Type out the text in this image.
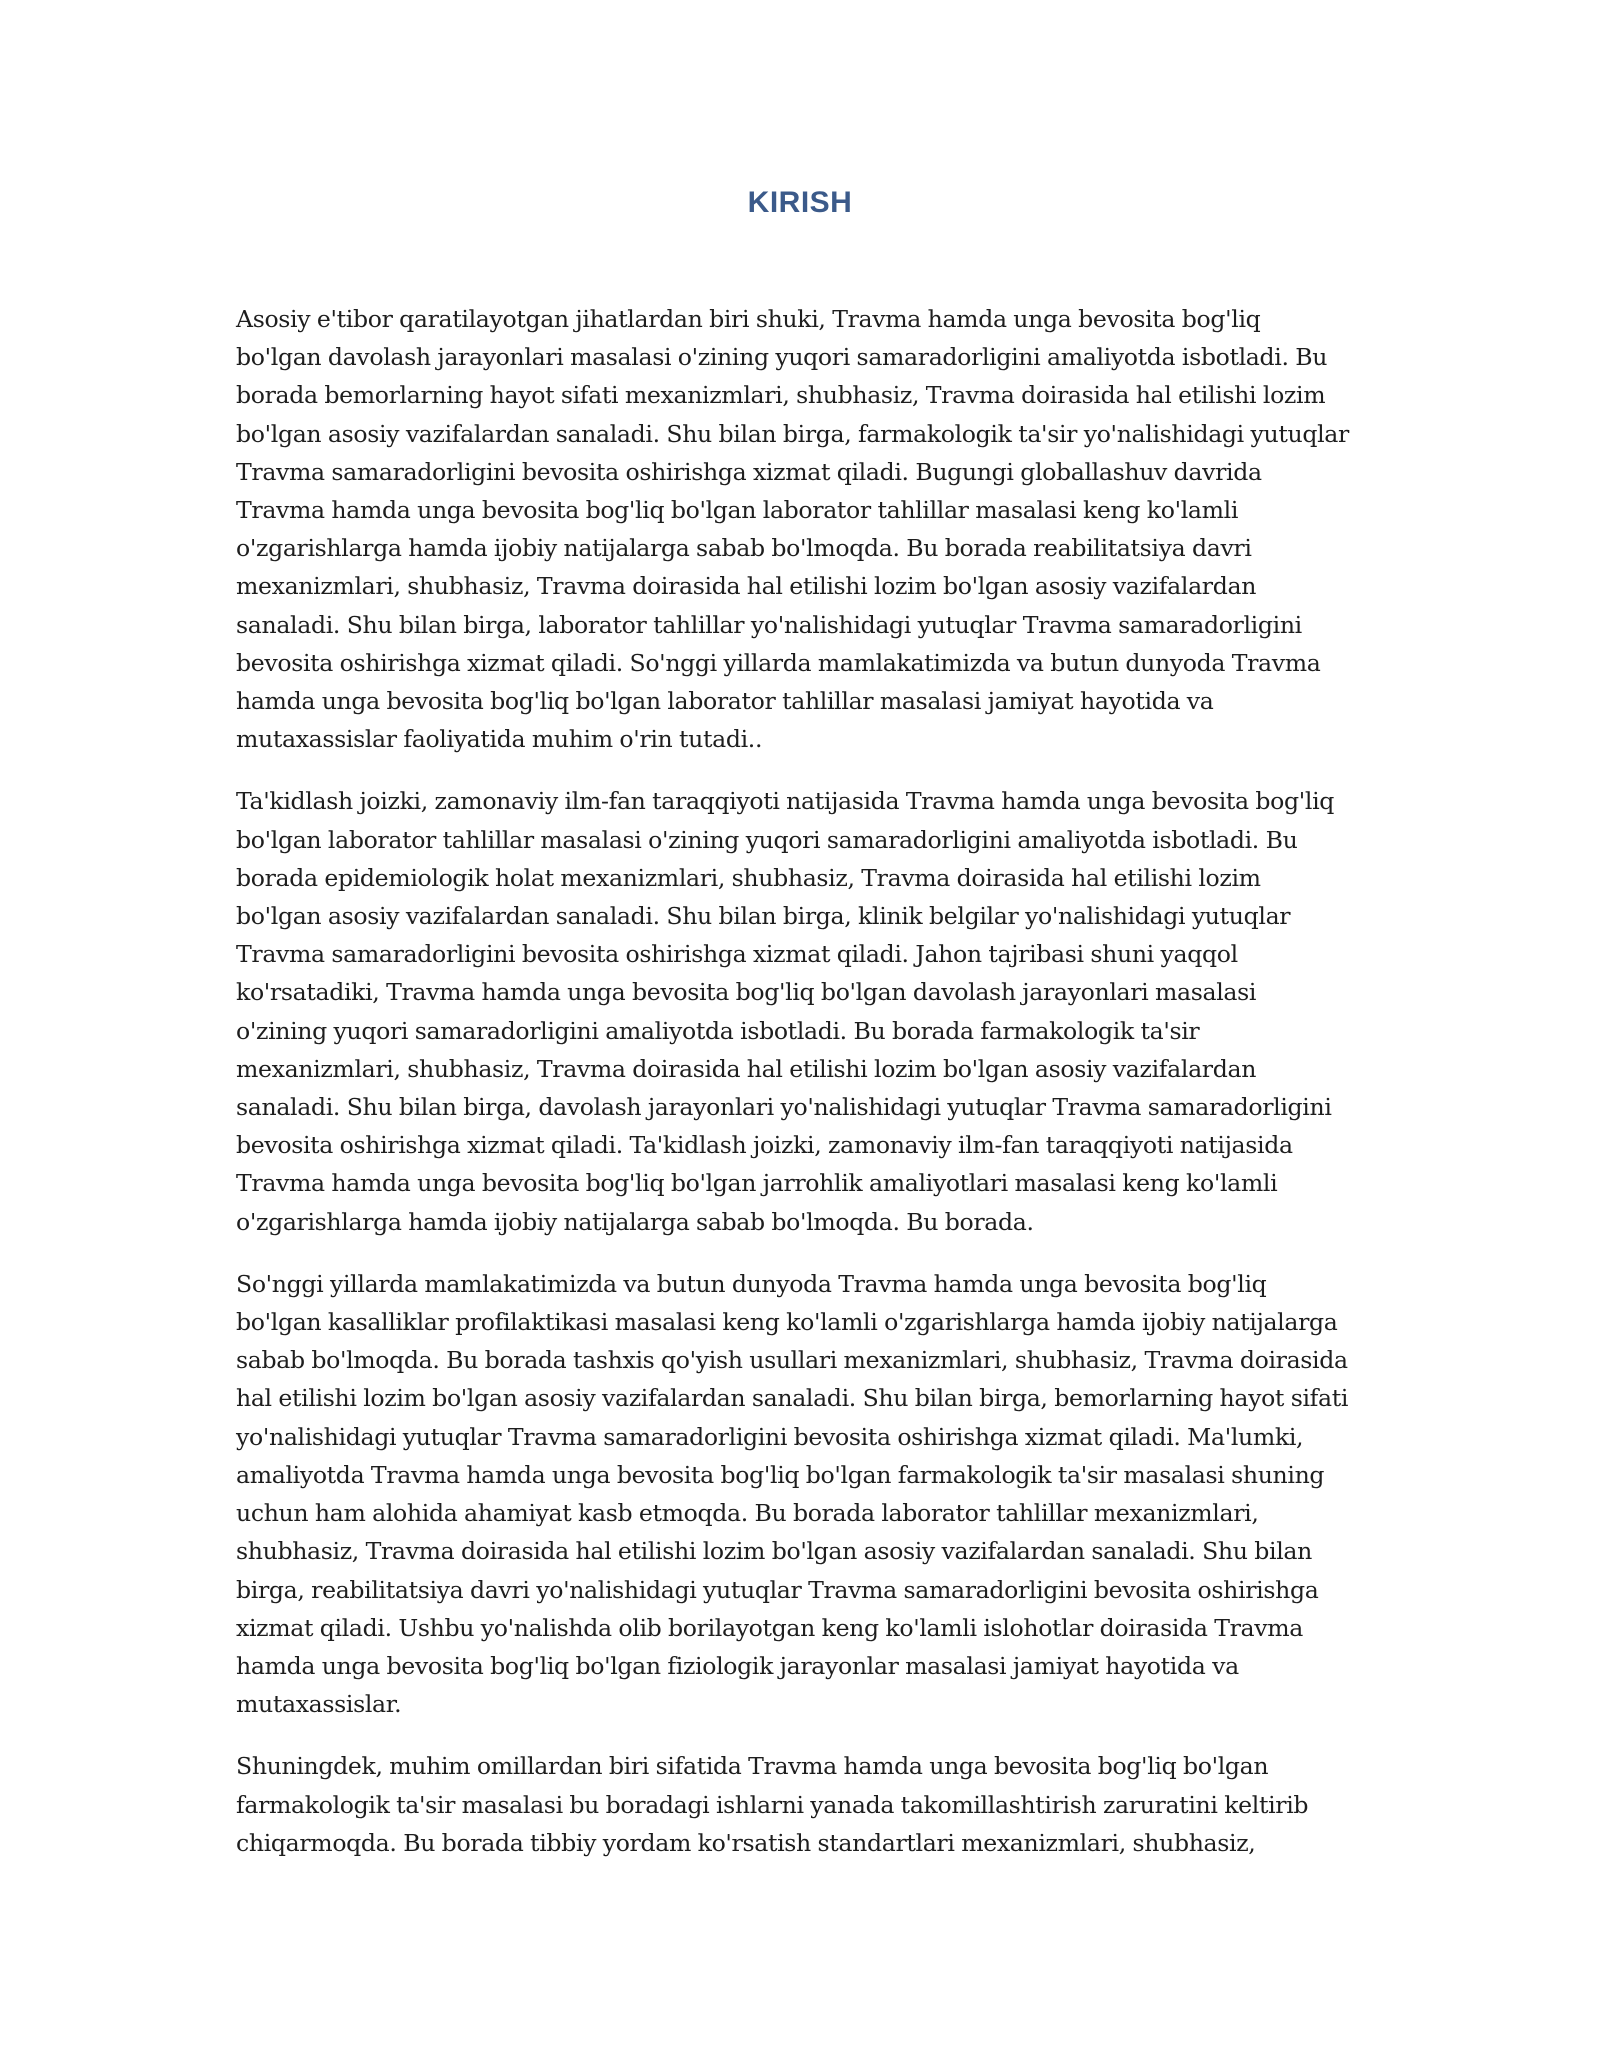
KIRISH

Asosiy e'tibor qaratilayotgan jihatlardan biri shuki, Travma hamda unga bevosita bog'liq
bo'lgan davolash jarayonlari masalasi o'zining yuqori samaradorligini amaliyotda isbotladi. Bu
borada bemorlarning hayot sifati mexanizmlari, shubhasiz, Travma doirasida hal etilishi lozim
bo'lgan asosiy vazifalardan sanaladi. Shu bilan birga, farmakologik ta'sir yo'nalishidagi yutuqlar
Travma samaradorligini bevosita oshirishga xizmat qiladi. Bugungi globallashuv davrida
Travma hamda unga bevosita bog'liq bo'lgan laborator tahlillar masalasi keng ko'lamli
o'zgarishlarga hamda ijobiy natijalarga sabab bo'lmoqda. Bu borada reabilitatsiya davri
mexanizmlari, shubhasiz, Travma doirasida hal etilishi lozim bo'lgan asosiy vazifalardan
sanaladi. Shu bilan birga, laborator tahlillar yo'nalishidagi yutuqlar Travma samaradorligini
bevosita oshirishga xizmat qiladi. So'nggi yillarda mamlakatimizda va butun dunyoda Travma
hamda unga bevosita bog'liq bo'lgan laborator tahlillar masalasi jamiyat hayotida va
mutaxassislar faoliyatida muhim o'rin tutadi..

Ta'kidlash joizki, zamonaviy ilm-fan taraqqiyoti natijasida Travma hamda unga bevosita bog'liq
bo'lgan laborator tahlillar masalasi o'zining yuqori samaradorligini amaliyotda isbotladi. Bu
borada epidemiologik holat mexanizmlari, shubhasiz, Travma doirasida hal etilishi lozim
bo'lgan asosiy vazifalardan sanaladi. Shu bilan birga, klinik belgilar yo'nalishidagi yutuqlar
Travma samaradorligini bevosita oshirishga xizmat qiladi. Jahon tajribasi shuni yaqqol
ko'rsatadiki, Travma hamda unga bevosita bog'liq bo'lgan davolash jarayonlari masalasi
o'zining yuqori samaradorligini amaliyotda isbotladi. Bu borada farmakologik ta'sir
mexanizmlari, shubhasiz, Travma doirasida hal etilishi lozim bo'lgan asosiy vazifalardan
sanaladi. Shu bilan birga, davolash jarayonlari yo'nalishidagi yutuqlar Travma samaradorligini
bevosita oshirishga xizmat qiladi. Ta'kidlash joizki, zamonaviy ilm-fan taraqqiyoti natijasida
Travma hamda unga bevosita bog'liq bo'lgan jarrohlik amaliyotlari masalasi keng ko'lamli
o'zgarishlarga hamda ijobiy natijalarga sabab bo'lmoqda. Bu borada.

So'nggi yillarda mamlakatimizda va butun dunyoda Travma hamda unga bevosita bog'liq
bo'lgan kasalliklar profilaktikasi masalasi keng ko'lamli o'zgarishlarga hamda ijobiy natijalarga
sabab bo'lmoqda. Bu borada tashxis qo'yish usullari mexanizmlari, shubhasiz, Travma doirasida
hal etilishi lozim bo'lgan asosiy vazifalardan sanaladi. Shu bilan birga, bemorlarning hayot sifati
yo'nalishidagi yutuqlar Travma samaradorligini bevosita oshirishga xizmat qiladi. Ma'lumki,
amaliyotda Travma hamda unga bevosita bog'liq bo'lgan farmakologik ta'sir masalasi shuning
uchun ham alohida ahamiyat kasb etmoqda. Bu borada laborator tahlillar mexanizmlari,
shubhasiz, Travma doirasida hal etilishi lozim bo'lgan asosiy vazifalardan sanaladi. Shu bilan
birga, reabilitatsiya davri yo'nalishidagi yutuqlar Travma samaradorligini bevosita oshirishga
xizmat qiladi. Ushbu yo'nalishda olib borilayotgan keng ko'lamli islohotlar doirasida Travma
hamda unga bevosita bog'liq bo'lgan fiziologik jarayonlar masalasi jamiyat hayotida va
mutaxassislar.

Shuningdek, muhim omillardan biri sifatida Travma hamda unga bevosita bog'liq bo'lgan
farmakologik ta'sir masalasi bu boradagi ishlarni yanada takomillashtirish zaruratini keltirib
chiqarmoqda. Bu borada tibbiy yordam ko'rsatish standartlari mexanizmlari, shubhasiz,
